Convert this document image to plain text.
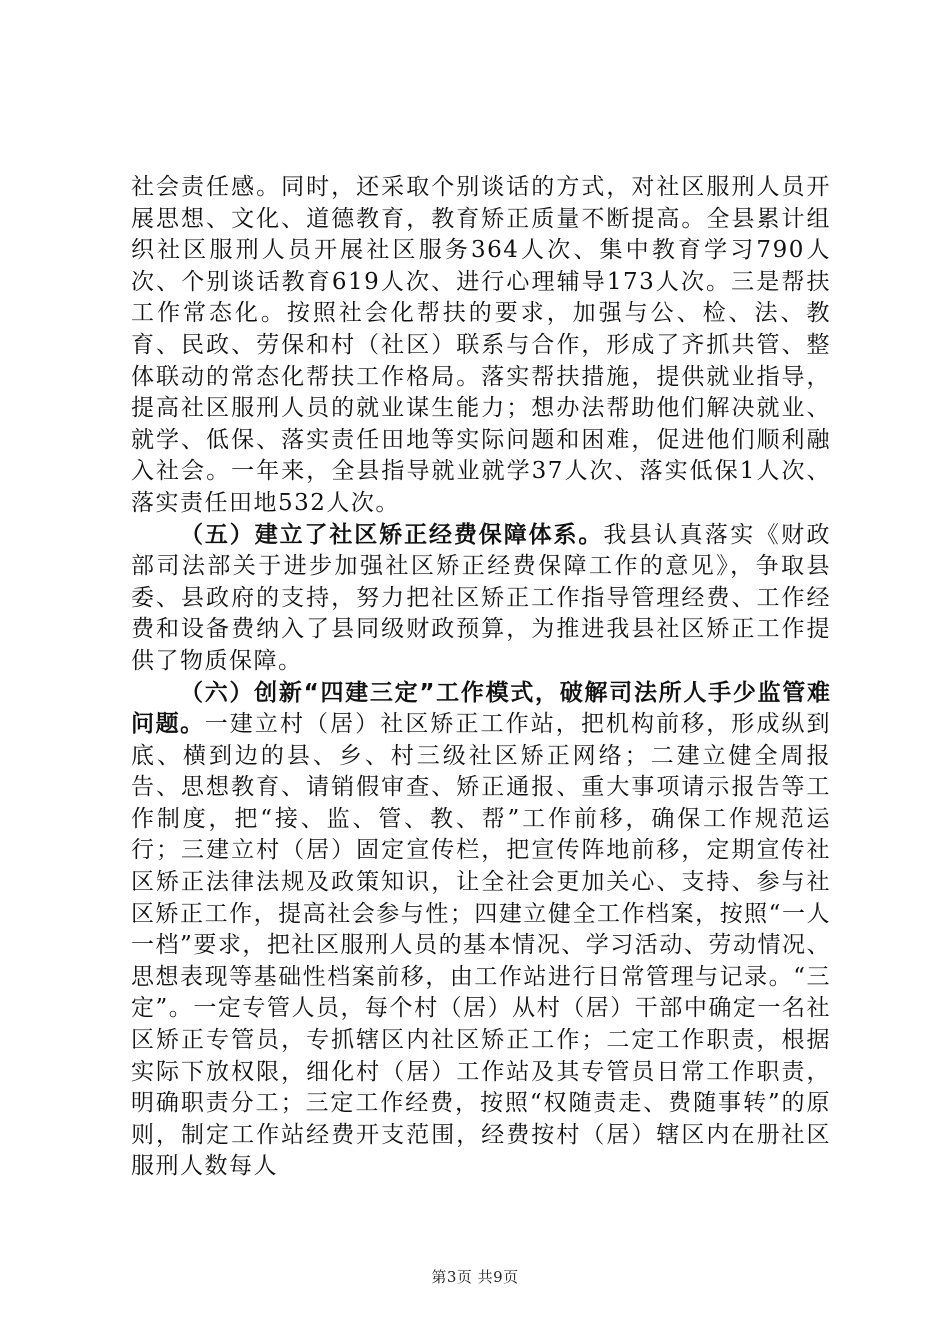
社会责任感。同时，还采取个别谈话的方式，对社区服刑人员开展思想、文化、道德教育，教育矫正质量不断提高。全县累计组织社区服刑人员开展社区服务364人次、集中教育学习790人次、个别谈话教育619人次、进行心理辅导173人次。三是帮扶工作常态化。按照社会化帮扶的要求，加强与公、检、法、教育、民政、劳保和村（社区）联系与合作，形成了齐抓共管、整体联动的常态化帮扶工作格局。落实帮扶措施，提供就业指导，提高社区服刑人员的就业谋生能力；想办法帮助他们解决就业、就学、低保、落实责任田地等实际问题和困难，促进他们顺利融入社会。一年来，全县指导就业就学37人次、落实低保1人次、落实责任田地532人次。

（五）建立了社区矫正经费保障体系。我县认真落实《财政部司法部关于进步加强社区矫正经费保障工作的意见》，争取县委、县政府的支持，努力把社区矫正工作指导管理经费、工作经费和设备费纳入了县同级财政预算，为推进我县社区矫正工作提供了物质保障。

（六）创新“四建三定”工作模式，破解司法所人手少监管难问题。一建立村（居）社区矫正工作站，把机构前移，形成纵到底、横到边的县、乡、村三级社区矫正网络；二建立健全周报告、思想教育、请销假审查、矫正通报、重大事项请示报告等工作制度，把“接、监、管、教、帮”工作前移，确保工作规范运行；三建立村（居）固定宣传栏，把宣传阵地前移，定期宣传社区矫正法律法规及政策知识，让全社会更加关心、支持、参与社区矫正工作，提高社会参与性；四建立健全工作档案，按照“一人一档”要求，把社区服刑人员的基本情况、学习活动、劳动情况、思想表现等基础性档案前移，由工作站进行日常管理与记录。“三定”。一定专管人员，每个村（居）从村（居）干部中确定一名社区矫正专管员，专抓辖区内社区矫正工作；二定工作职责，根据实际下放权限，细化村（居）工作站及其专管员日常工作职责，明确职责分工；三定工作经费，按照“权随责走、费随事转”的原则，制定工作站经费开支范围，经费按村（居）辖区内在册社区服刑人数每人

第3页 共9页
